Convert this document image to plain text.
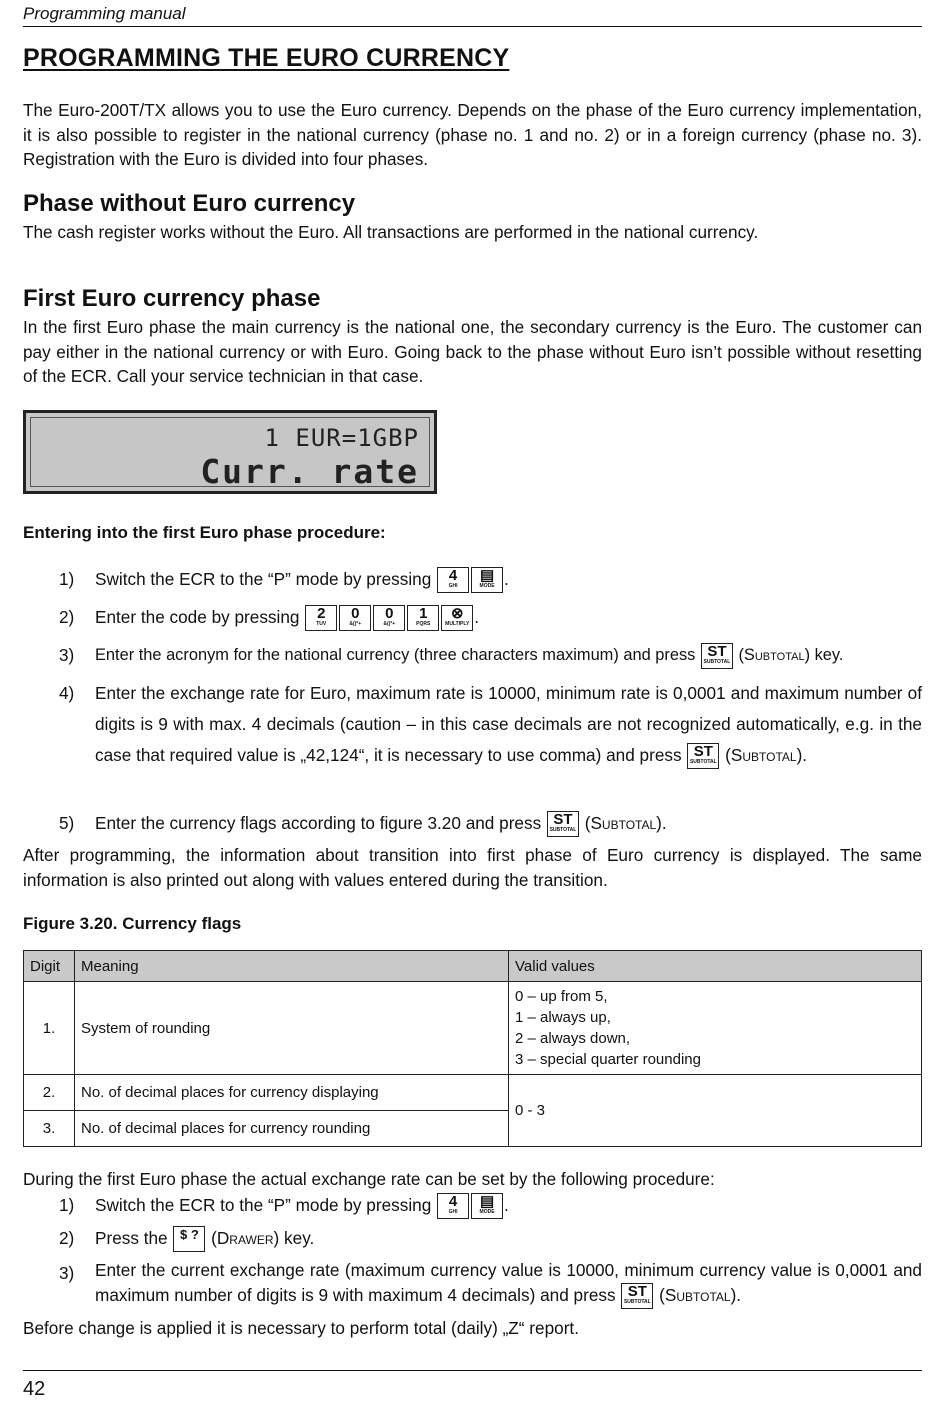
Programming manual
PROGRAMMING THE EURO CURRENCY
The Euro-200T/TX allows you to use the Euro currency. Depends on the phase of the Euro currency implementation, it is also possible to register in the national currency (phase no. 1 and no. 2) or in a foreign currency (phase no. 3). Registration with the Euro is divided into four phases.
Phase without Euro currency
The cash register works without the Euro. All transactions are performed in the national currency.
First Euro currency phase
In the first Euro phase the main currency is the national one, the secondary currency is the Euro. The customer can pay either in the national currency or with Euro. Going back to the phase without Euro isn’t possible without resetting of the ECR. Call your service technician in that case.
1 EUR=1GBP
Curr. rate
Entering into the first Euro phase procedure:
1) Switch the ECR to the “P” mode by pressing	4
GHI
▤
MODE .
2) Enter the code by pressing	2
TUV
0
&()*+
0
&()*+
1
PQRS
⊗
MULTIPLY .
3) Enter the acronym for the national currency (three characters maximum) and press ST
SUBTOTAL (Subtotal) key.
4) Enter the exchange rate for Euro, maximum rate is 10000, minimum rate is 0,0001 and maximum number of digits is 9 with max. 4 decimals (caution – in this case decimals are not recognized automatically, e.g. in the case that required value is „42,124“, it is necessary to use comma) and press ST
SUBTOTAL (Subtotal).
5) Enter the currency flags according to figure 3.20 and press ST
SUBTOTAL (Subtotal).
After programming, the information about transition into first phase of Euro currency is displayed. The same information is also printed out along with values entered during the transition.
Figure 3.20. Currency flags
Digit	Meaning	Valid values
1.	System of rounding	0 – up from 5,
1 – always up,
2 – always down,
3 – special quarter rounding

2.	No. of decimal places for currency displaying	0 - 3
3.	No. of decimal places for currency rounding	
During the first Euro phase the actual exchange rate can be set by the following procedure:
1) Switch the ECR to the “P” mode by pressing	4
GHI
▤
MODE .
2) Press the $ ? (Drawer) key.
3) Enter the current exchange rate (maximum currency value is 10000, minimum currency value is 0,0001 and maximum number of digits is 9 with maximum 4 decimals) and press ST
SUBTOTAL (Subtotal).
Before change is applied it is necessary to perform total (daily) „Z“ report.
42
